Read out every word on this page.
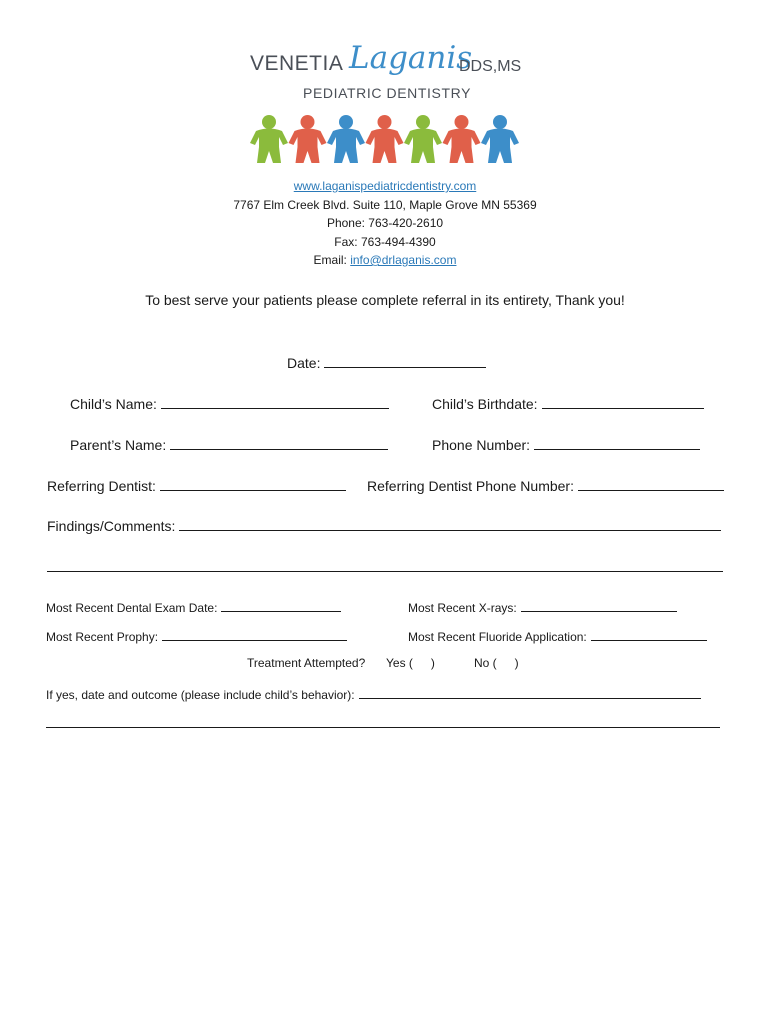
VENETIA Laganis
DDS,MS
PEDIATRIC DENTISTRY
www.laganispediatricdentistry.com
7767 Elm Creek Blvd. Suite 110, Maple Grove MN 55369
Phone: 763-420-2610
Fax: 763-494-4390
Email: info@drlaganis.com
To best serve your patients please complete referral in its entirety, Thank you!
Date:
Child’s Name:	Child’s Birthdate:
Parent’s Name:	Phone Number:
Referring Dentist:	Referring Dentist Phone Number:
Findings/Comments:
Most Recent Dental Exam Date:	Most Recent X-rays:
Most Recent Prophy:	Most Recent Fluoride Application:
Treatment Attempted? Yes ( )	No ( )
If yes, date and outcome (please include child’s behavior):
